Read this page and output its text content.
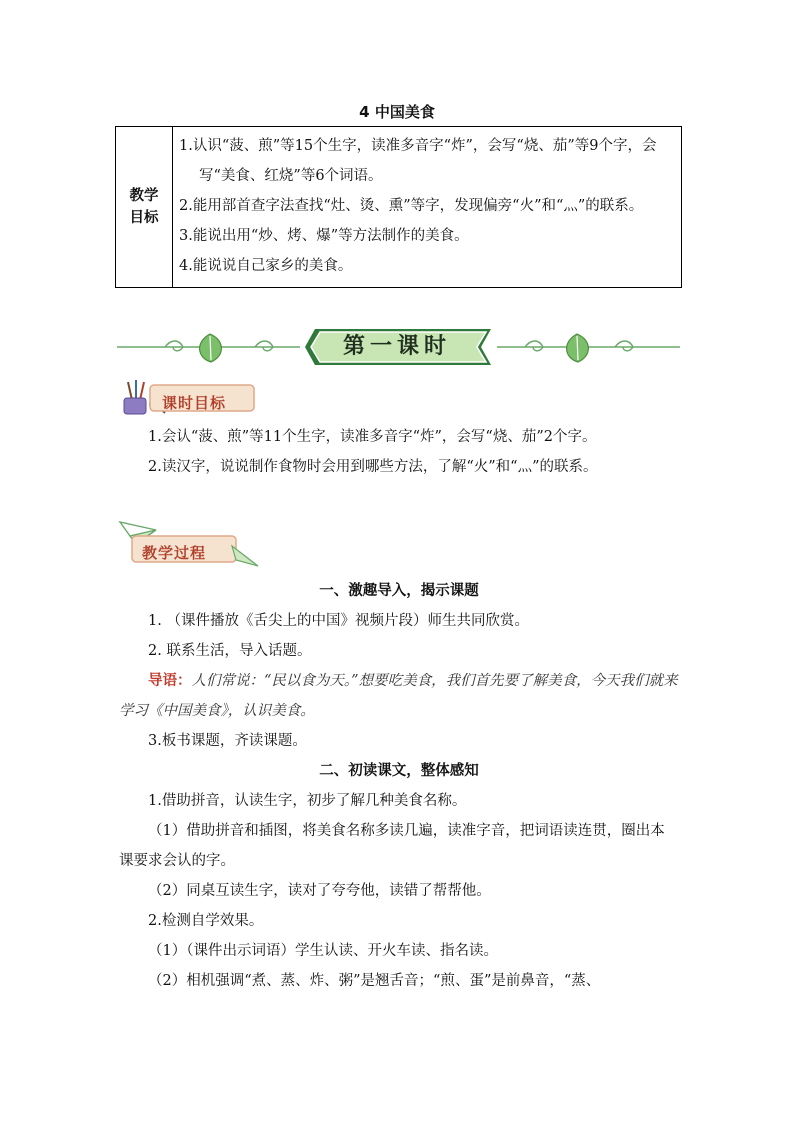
4 中国美食
教学
目标

1.认识“菠、煎”等15个生字，读准多音字“炸”，会写“烧、茄”等9个字，会写“美食、红烧”等6个词语。
2.能用部首查字法查找“灶、烫、熏”等字，发现偏旁“火”和“灬”的联系。
3.能说出用“炒、烤、爆”等方法制作的美食。
4.能说说自己家乡的美食。
第一课时
课时目标

1.会认“菠、煎”等11个生字，读准多音字“炸”，会写“烧、茄”2个字。

2.读汉字，说说制作食物时会用到哪些方法，了解“火”和“灬”的联系。

教学过程

一、激趣导入，揭示课题

1. （课件播放《舌尖上的中国》视频片段）师生共同欣赏。

2. 联系生活，导入话题。

导语：人们常说：“民以食为天。”想要吃美食，我们首先要了解美食，今天我们就来学习《中国美食》，认识美食。

3.板书课题，齐读课题。

二、初读课文，整体感知

1.借助拼音，认读生字，初步了解几种美食名称。

（1）借助拼音和插图，将美食名称多读几遍，读准字音，把词语读连贯，圈出本课要求会认的字。

（2）同桌互读生字，读对了夸夸他，读错了帮帮他。

2.检测自学效果。

（1）（课件出示词语）学生认读、开火车读、指名读。

（2）相机强调“煮、蒸、炸、粥”是翘舌音；“煎、蛋”是前鼻音，“蒸、
